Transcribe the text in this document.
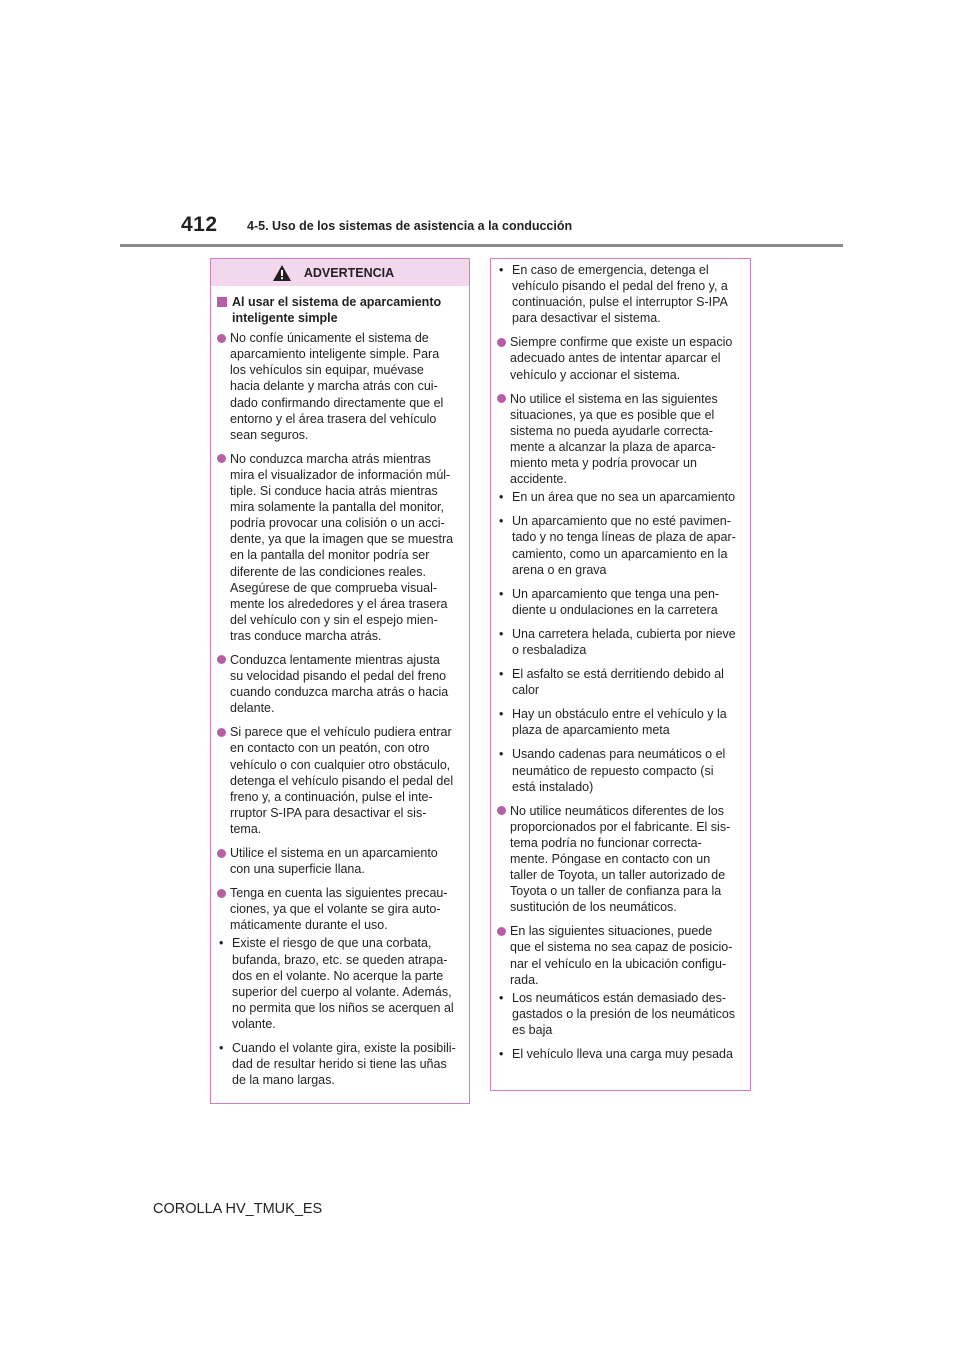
412 4-5. Uso de los sistemas de asistencia a la conducción
ADVERTENCIA
Al usar el sistema de aparcamiento
inteligente simple
No confíe únicamente el sistema de
aparcamiento inteligente simple. Para
los vehículos sin equipar, muévase
hacia delante y marcha atrás con cui-
dado confirmando directamente que el
entorno y el área trasera del vehículo
sean seguros.
No conduzca marcha atrás mientras
mira el visualizador de información múl-
tiple. Si conduce hacia atrás mientras
mira solamente la pantalla del monitor,
podría provocar una colisión o un acci-
dente, ya que la imagen que se muestra
en la pantalla del monitor podría ser
diferente de las condiciones reales.
Asegúrese de que comprueba visual-
mente los alrededores y el área trasera
del vehículo con y sin el espejo mien-
tras conduce marcha atrás.
Conduzca lentamente mientras ajusta
su velocidad pisando el pedal del freno
cuando conduzca marcha atrás o hacia
delante.
Si parece que el vehículo pudiera entrar
en contacto con un peatón, con otro
vehículo o con cualquier otro obstáculo,
detenga el vehículo pisando el pedal del
freno y, a continuación, pulse el inte-
rruptor S-IPA para desactivar el sis-
tema.
Utilice el sistema en un aparcamiento
con una superficie llana.
Tenga en cuenta las siguientes precau-
ciones, ya que el volante se gira auto-
máticamente durante el uso.
• Existe el riesgo de que una corbata,
bufanda, brazo, etc. se queden atrapa-
dos en el volante. No acerque la parte
superior del cuerpo al volante. Además,
no permita que los niños se acerquen al
volante.
• Cuando el volante gira, existe la posibili-
dad de resultar herido si tiene las uñas
de la mano largas.
• En caso de emergencia, detenga el
vehículo pisando el pedal del freno y, a
continuación, pulse el interruptor S-IPA
para desactivar el sistema.
Siempre confirme que existe un espacio
adecuado antes de intentar aparcar el
vehículo y accionar el sistema.
No utilice el sistema en las siguientes
situaciones, ya que es posible que el
sistema no pueda ayudarle correcta-
mente a alcanzar la plaza de aparca-
miento meta y podría provocar un
accidente.
• En un área que no sea un aparcamiento
• Un aparcamiento que no esté pavimen-
tado y no tenga líneas de plaza de apar-
camiento, como un aparcamiento en la
arena o en grava
• Un aparcamiento que tenga una pen-
diente u ondulaciones en la carretera
• Una carretera helada, cubierta por nieve
o resbaladiza
• El asfalto se está derritiendo debido al
calor
• Hay un obstáculo entre el vehículo y la
plaza de aparcamiento meta
• Usando cadenas para neumáticos o el
neumático de repuesto compacto (si
está instalado)
No utilice neumáticos diferentes de los
proporcionados por el fabricante. El sis-
tema podría no funcionar correcta-
mente. Póngase en contacto con un
taller de Toyota, un taller autorizado de
Toyota o un taller de confianza para la
sustitución de los neumáticos.
En las siguientes situaciones, puede
que el sistema no sea capaz de posicio-
nar el vehículo en la ubicación configu-
rada.
• Los neumáticos están demasiado des-
gastados o la presión de los neumáticos
es baja
• El vehículo lleva una carga muy pesada
COROLLA HV_TMUK_ES
